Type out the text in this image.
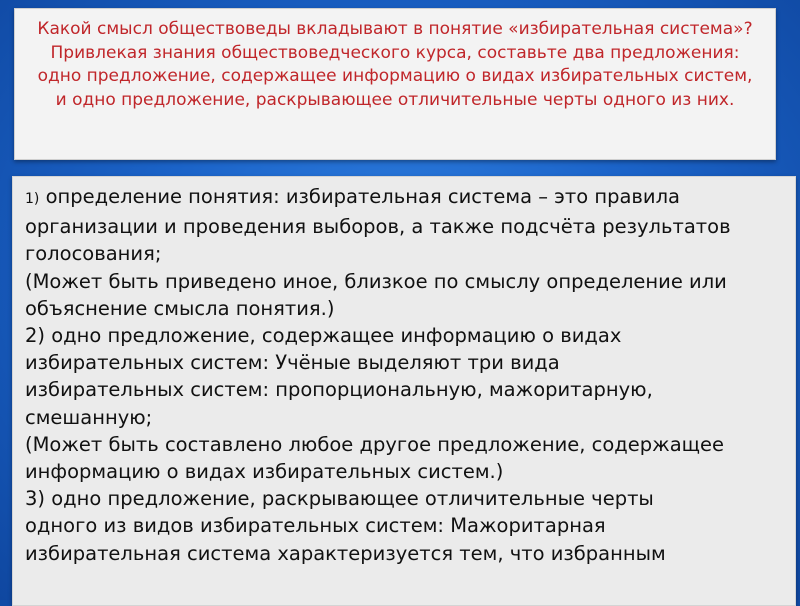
Какой смысл обществоведы вкладывают в понятие «избирательная система»? Привлекая знания обществоведческого курса, составьте два предложения: одно предложение, содержащее информацию о видах избирательных систем, и одно предложение, раскрывающее отличительные черты одного из них.
1) определение понятия: избирательная система – это правила
организации и проведения выборов, а также подсчёта результатов
голосования;
(Может быть приведено иное, близкое по смыслу определение или
объяснение смысла понятия.)
2) одно предложение, содержащее информацию о видах
избирательных систем: Учёные выделяют три вида
избирательных систем: пропорциональную, мажоритарную,
смешанную;
(Может быть составлено любое другое предложение, содержащее
информацию о видах избирательных систем.)
3) одно предложение, раскрывающее отличительные черты
одного из видов избирательных систем: Мажоритарная
избирательная система характеризуется тем, что избранным
